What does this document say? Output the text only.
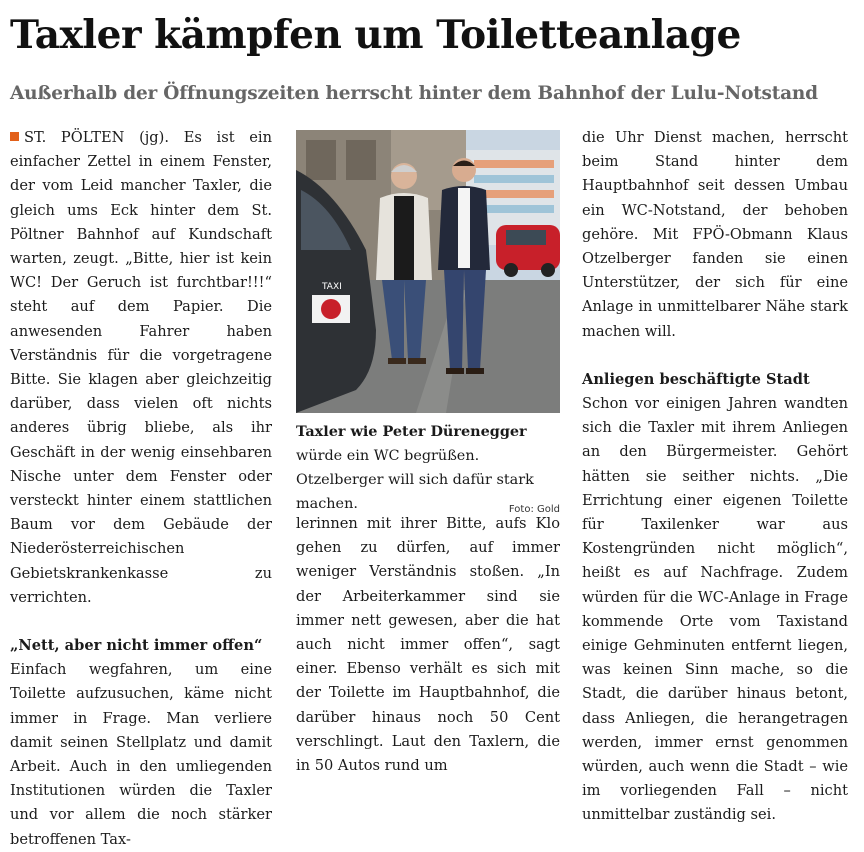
Taxler kämpfen um Toiletteanlage
Außerhalb der Öffnungszeiten herrscht hinter dem Bahnhof der Lulu-Notstand

ST. PÖLTEN (jg). Es ist ein einfacher Zettel in einem Fenster, der vom Leid mancher Taxler, die gleich ums Eck hinter dem St. Pöltner Bahnhof auf Kundschaft warten, zeugt. „Bitte, hier ist kein WC! Der Geruch ist furchtbar!!!“ steht auf dem Papier. Die anwesenden Fahrer haben Verständnis für die vorgetragene Bitte. Sie klagen aber gleichzeitig darüber, dass vielen oft nichts anderes übrig bliebe, als ihr Geschäft in der wenig einsehbaren Nische unter dem Fenster oder versteckt hinter einem stattlichen Baum vor dem Gebäude der Niederösterreichischen Gebietskrankenkasse zu verrichten.

„Nett, aber nicht immer offen“

Einfach wegfahren, um eine Toilette aufzusuchen, käme nicht immer in Frage. Man verliere damit seinen Stellplatz und damit Arbeit. Auch in den umliegenden Institutionen würden die Taxler und vor allem die noch stärker betroffenen Tax-

TAXI
Taxler wie Peter Dürenegger würde ein WC begrüßen. Otzelberger will sich dafür stark machen.	Foto: Gold

lerinnen mit ihrer Bitte, aufs Klo gehen zu dürfen, auf immer weniger Verständnis stoßen. „In der Arbeiterkammer sind sie immer nett gewesen, aber die hat auch nicht immer offen“, sagt einer. Ebenso verhält es sich mit der Toilette im Hauptbahnhof, die darüber hinaus noch 50 Cent verschlingt. Laut den Taxlern, die in 50 Autos rund um

die Uhr Dienst machen, herrscht beim Stand hinter dem Hauptbahnhof seit dessen Umbau ein WC-Notstand, der behoben gehöre. Mit FPÖ-Obmann Klaus Otzelberger fanden sie einen Unterstützer, der sich für eine Anlage in unmittelbarer Nähe stark machen will.

Anliegen beschäftigte Stadt

Schon vor einigen Jahren wandten sich die Taxler mit ihrem Anliegen an den Bürgermeister. Gehört hätten sie seither nichts. „Die Errichtung einer eigenen Toilette für Taxilenker war aus Kostengründen nicht möglich“, heißt es auf Nachfrage. Zudem würden für die WC-Anlage in Frage kommende Orte vom Taxistand einige Gehminuten entfernt liegen, was keinen Sinn mache, so die Stadt, die darüber hinaus betont, dass Anliegen, die herangetragen werden, immer ernst genommen würden, auch wenn die Stadt – wie im vorliegenden Fall – nicht unmittelbar zuständig sei.
